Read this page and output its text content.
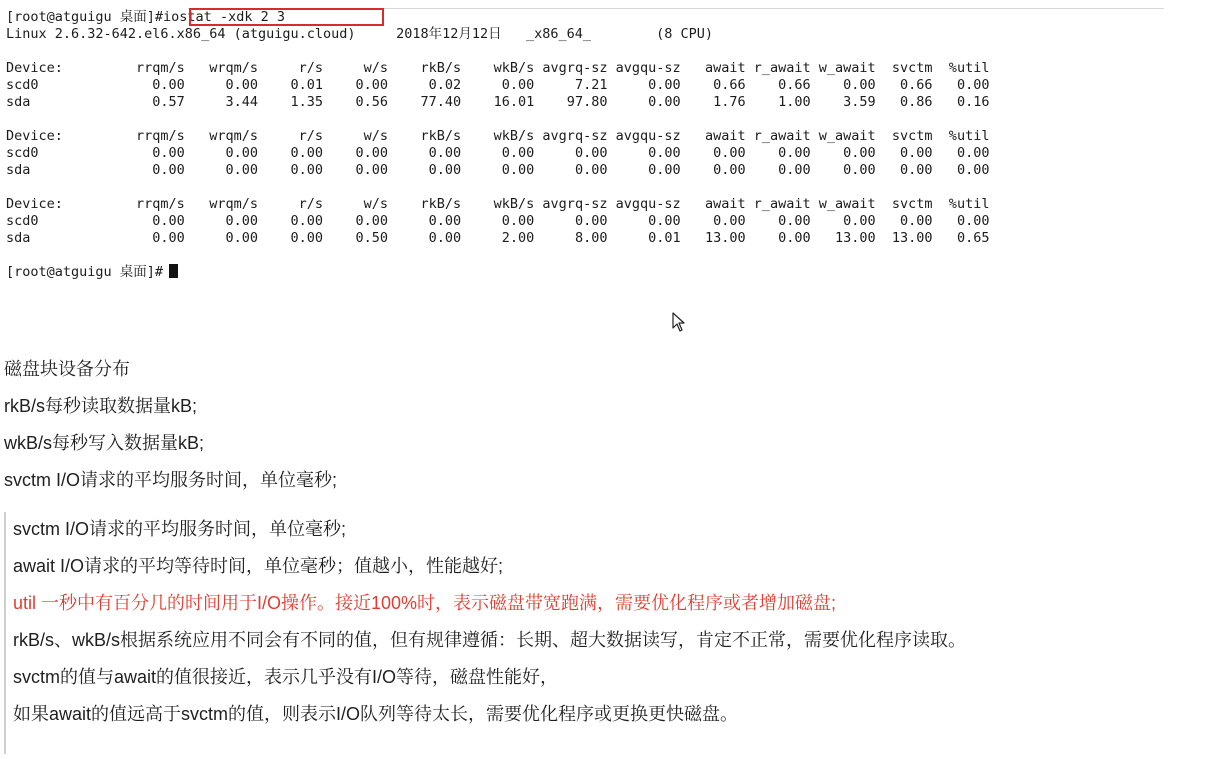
[root@atguigu 桌面]#iostat -xdk 2 3
Linux 2.6.32-642.el6.x86_64 (atguigu.cloud)     2018年12月12日   _x86_64_        (8 CPU)
Device:         rrqm/s   wrqm/s     r/s     w/s    rkB/s    wkB/s avgrq-sz avgqu-sz   await r_await w_await  svctm  %util
scd0              0.00     0.00    0.01    0.00     0.02     0.00     7.21     0.00    0.66    0.66    0.00   0.66   0.00
sda               0.57     3.44    1.35    0.56    77.40    16.01    97.80     0.00    1.76    1.00    3.59   0.86   0.16
Device:         rrqm/s   wrqm/s     r/s     w/s    rkB/s    wkB/s avgrq-sz avgqu-sz   await r_await w_await  svctm  %util
scd0              0.00     0.00    0.00    0.00     0.00     0.00     0.00     0.00    0.00    0.00    0.00   0.00   0.00
sda               0.00     0.00    0.00    0.00     0.00     0.00     0.00     0.00    0.00    0.00    0.00   0.00   0.00
Device:         rrqm/s   wrqm/s     r/s     w/s    rkB/s    wkB/s avgrq-sz avgqu-sz   await r_await w_await  svctm  %util
scd0              0.00     0.00    0.00    0.00     0.00     0.00     0.00     0.00    0.00    0.00    0.00   0.00   0.00
sda               0.00     0.00    0.00    0.50     0.00     2.00     8.00     0.01   13.00    0.00   13.00  13.00   0.65
[root@atguigu 桌面]#
磁盘块设备分布
rkB/s每秒读取数据量kB;
wkB/s每秒写入数据量kB;
svctm I/O请求的平均服务时间，单位毫秒;
svctm I/O请求的平均服务时间，单位毫秒;
await I/O请求的平均等待时间，单位毫秒；值越小，性能越好;
util 一秒中有百分几的时间用于I/O操作。接近100%时，表示磁盘带宽跑满，需要优化程序或者增加磁盘;
rkB/s、wkB/s根据系统应用不同会有不同的值，但有规律遵循：长期、超大数据读写，肯定不正常，需要优化程序读取。
svctm的值与await的值很接近，表示几乎没有I/O等待，磁盘性能好，
如果await的值远高于svctm的值，则表示I/O队列等待太长，需要优化程序或更换更快磁盘。
